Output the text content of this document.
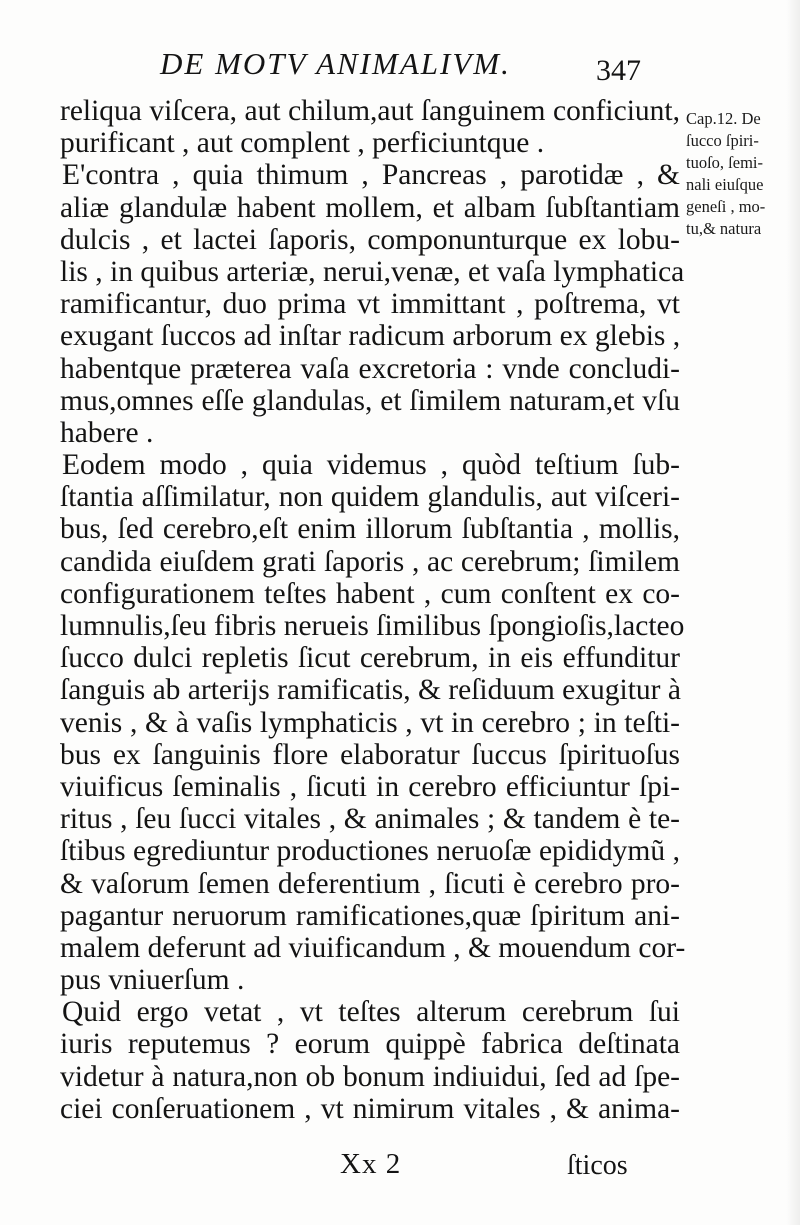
DE MOTV ANIMALIVM.	347
Cap.12. De
ſucco ſpiri-
tuoſo, ſemi-
nali eiuſque
geneſi , mo-
tu,& natura
reliqua viſcera, aut chilum,aut ſanguinem conficiunt,
purificant , aut complent , perficiuntque .
E'contra , quia thimum , Pancreas , parotidæ , &
aliæ glandulæ habent mollem, et albam ſubſtantiam
dulcis , et lactei ſaporis, componunturque ex lobu-
lis , in quibus arteriæ, nerui,venæ, et vaſa lymphatica
ramificantur, duo prima vt immittant , poſtrema, vt
exugant ſuccos ad inſtar radicum arborum ex glebis ,
habentque præterea vaſa excretoria : vnde concludi-
mus,omnes eſſe glandulas, et ſimilem naturam,et vſu
habere .
Eodem modo , quia videmus , quòd teſtium ſub-
ſtantia aſſimilatur, non quidem glandulis, aut viſceri-
bus, ſed cerebro,eſt enim illorum ſubſtantia , mollis,
candida eiuſdem grati ſaporis , ac cerebrum; ſimilem
configurationem teſtes habent , cum conſtent ex co-
lumnulis,ſeu fibris nerueis ſimilibus ſpongioſis,lacteo
ſucco dulci repletis ſicut cerebrum, in eis effunditur
ſanguis ab arterijs ramificatis, & reſiduum exugitur à
venis , & à vaſis lymphaticis , vt in cerebro ; in teſti-
bus ex ſanguinis flore elaboratur ſuccus ſpirituoſus
viuificus ſeminalis , ſicuti in cerebro efficiuntur ſpi-
ritus , ſeu ſucci vitales , & animales ; & tandem è te-
ſtibus egrediuntur productiones neruoſæ epididymũ ,
& vaſorum ſemen deferentium , ſicuti è cerebro pro-
pagantur neruorum ramificationes,quæ ſpiritum ani-
malem deferunt ad viuificandum , & mouendum cor-
pus vniuerſum .
Quid ergo vetat , vt teſtes alterum cerebrum ſui
iuris reputemus ? eorum quippè fabrica deſtinata
videtur à natura,non ob bonum indiuidui, ſed ad ſpe-
ciei conſeruationem , vt nimirum vitales , & anima-
Xx 2	ſticos
